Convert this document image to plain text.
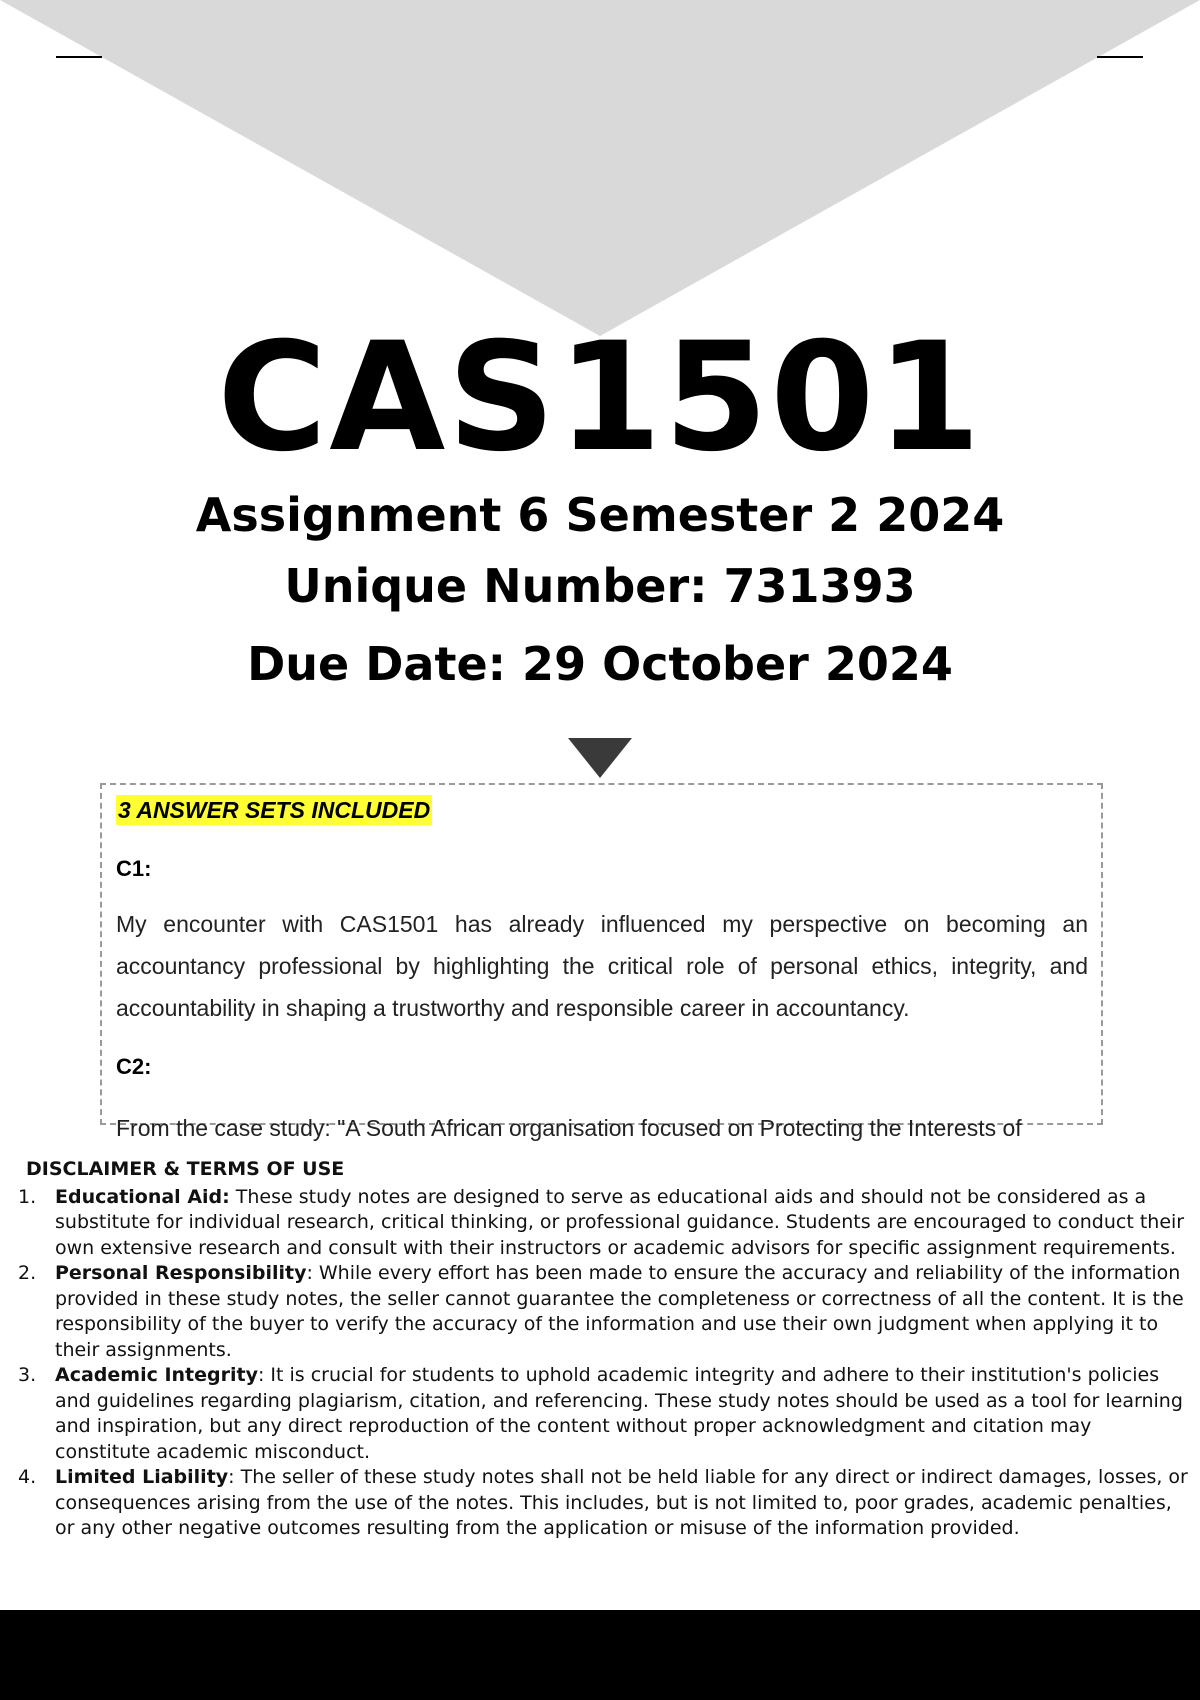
CAS1501
Assignment 6 Semester 2 2024
Unique Number: 731393
Due Date: 29 October 2024
3 ANSWER SETS INCLUDED
C1:

My encounter with CAS1501 has already influenced my perspective on becoming an accountancy professional by highlighting the critical role of personal ethics, integrity, and accountability in shaping a trustworthy and responsible career in accountancy.

C2:

From the case study: "A South African organisation focused on Protecting the Interests of

DISCLAIMER & TERMS OF USE
1. Educational Aid: These study notes are designed to serve as educational aids and should not be considered as a substitute for individual research, critical thinking, or professional guidance. Students are encouraged to conduct their own extensive research and consult with their instructors or academic advisors for specific assignment requirements.
2. Personal Responsibility: While every effort has been made to ensure the accuracy and reliability of the information provided in these study notes, the seller cannot guarantee the completeness or correctness of all the content. It is the responsibility of the buyer to verify the accuracy of the information and use their own judgment when applying it to their assignments.
3. Academic Integrity: It is crucial for students to uphold academic integrity and adhere to their institution's policies and guidelines regarding plagiarism, citation, and referencing. These study notes should be used as a tool for learning and inspiration, but any direct reproduction of the content without proper acknowledgment and citation may constitute academic misconduct.
4. Limited Liability: The seller of these study notes shall not be held liable for any direct or indirect damages, losses, or consequences arising from the use of the notes. This includes, but is not limited to, poor grades, academic penalties, or any other negative outcomes resulting from the application or misuse of the information provided.
